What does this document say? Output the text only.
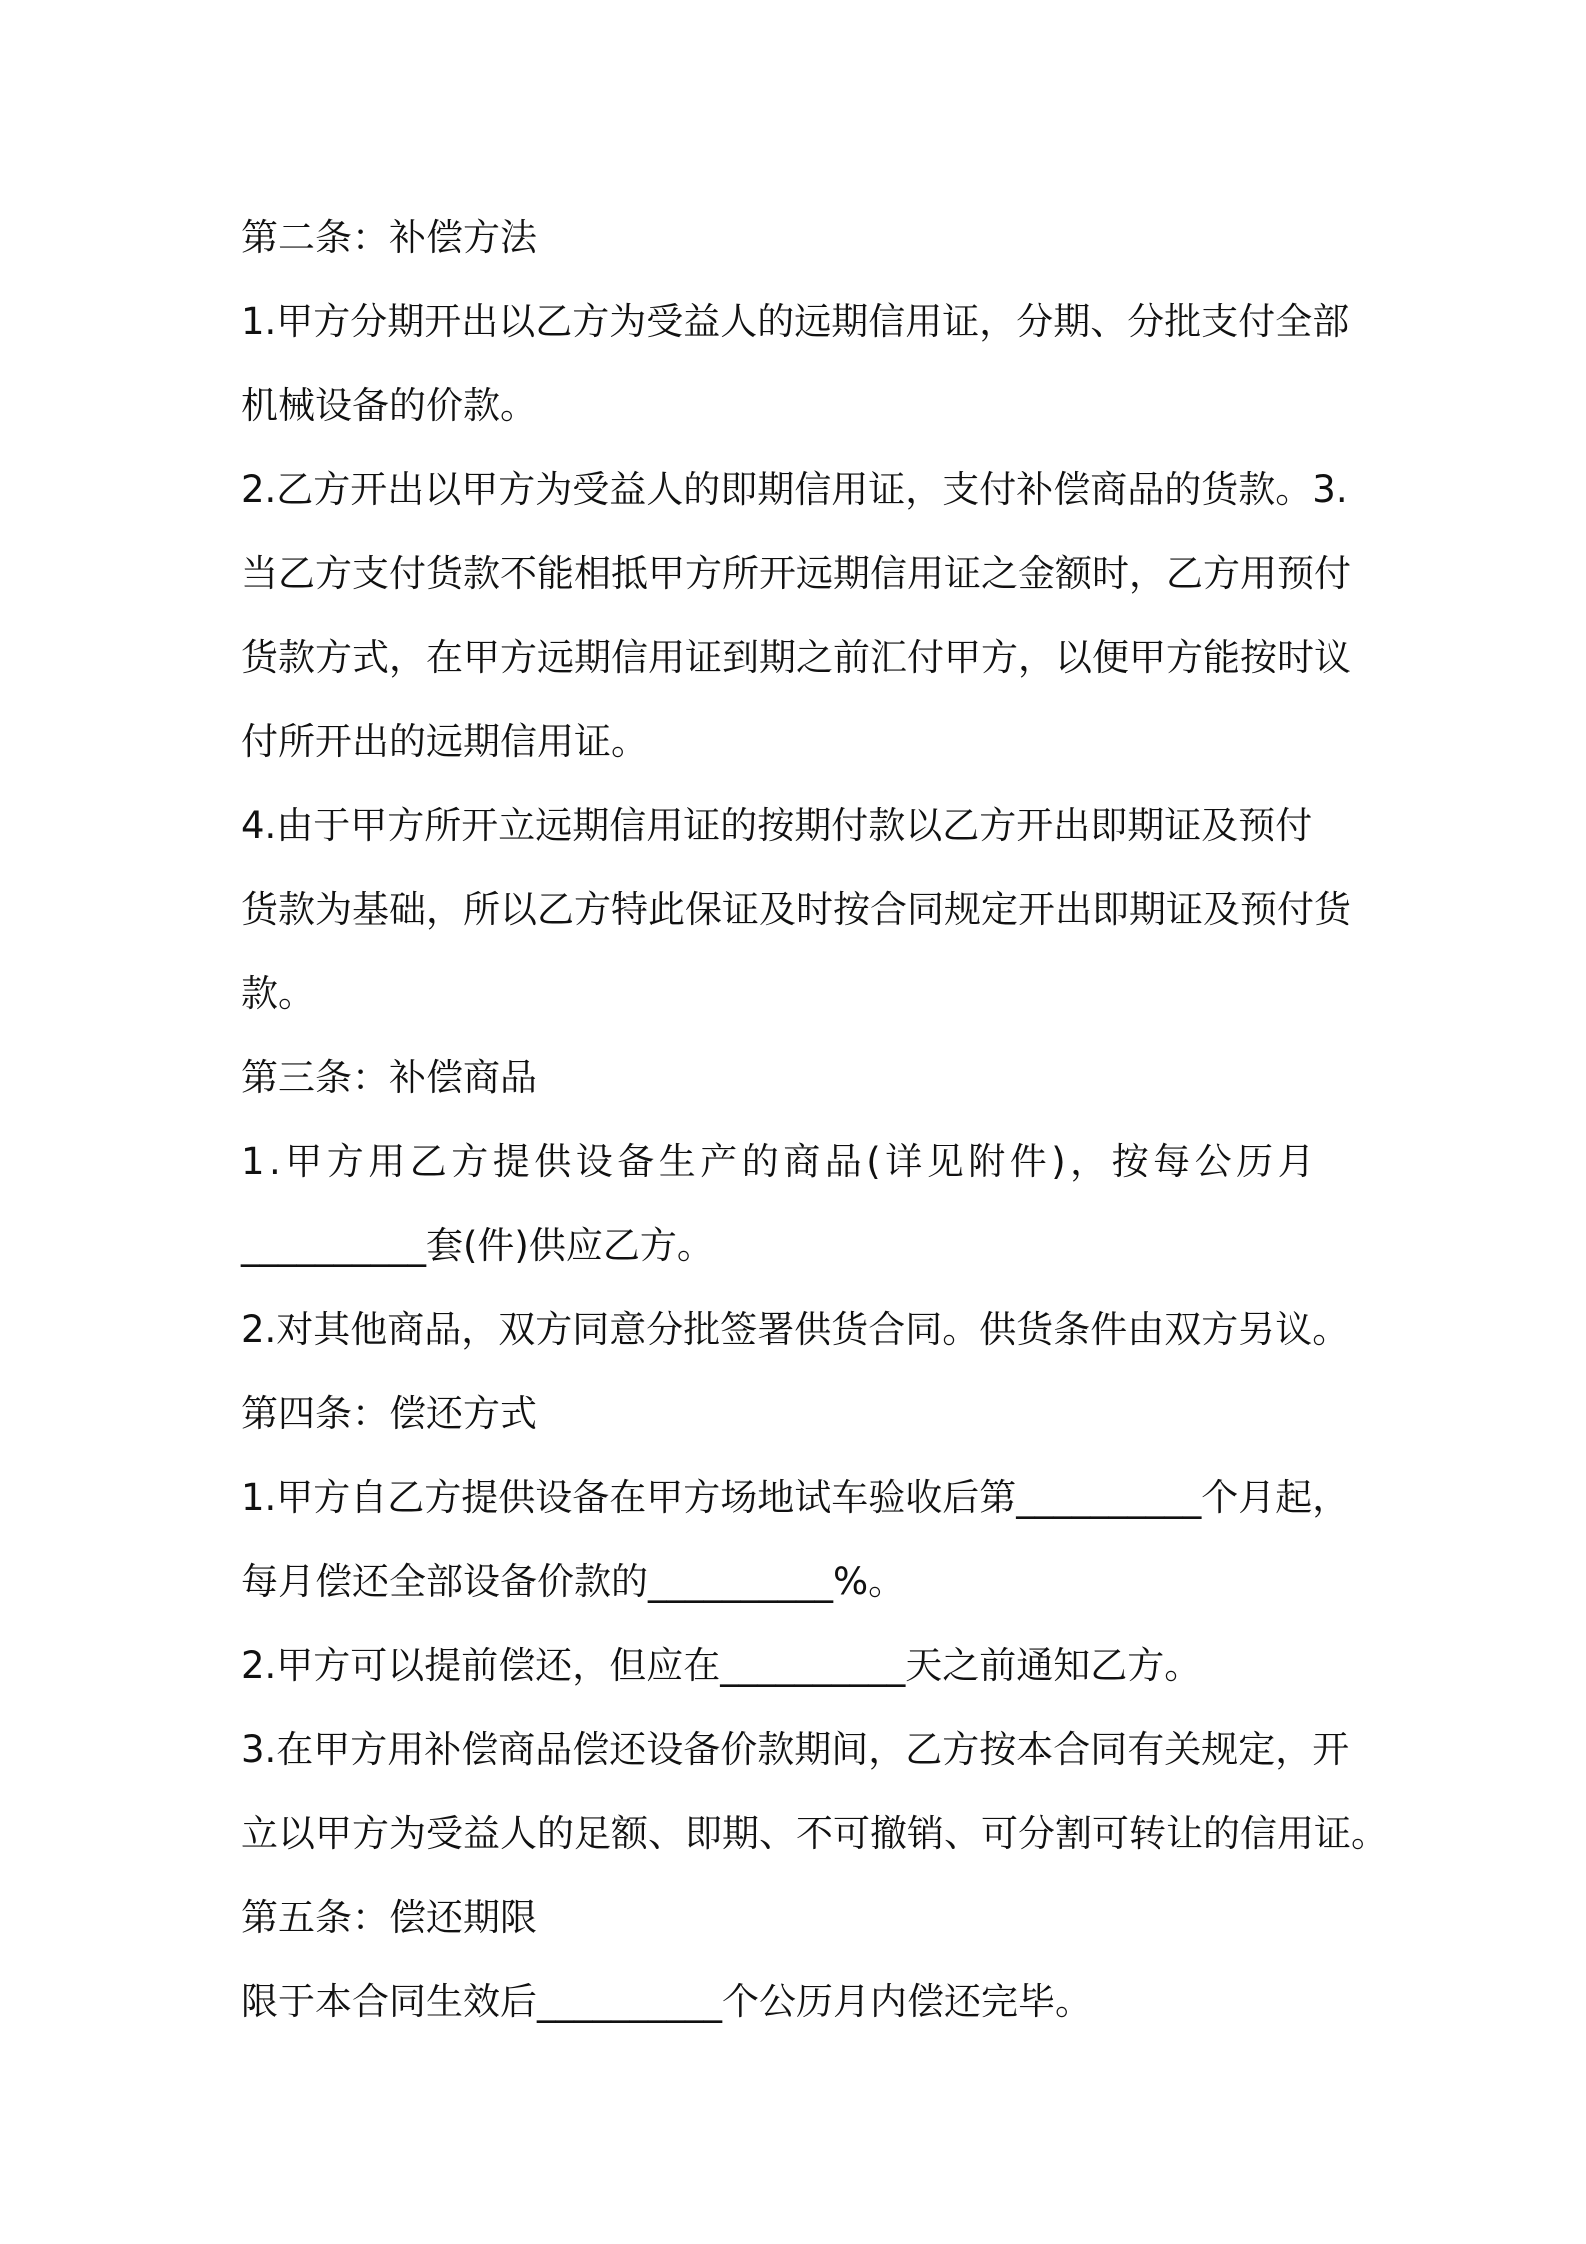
第二条：补偿方法
1.甲方分期开出以乙方为受益人的远期信用证，分期、分批支付全部
机械设备的价款。
2.乙方开出以甲方为受益人的即期信用证，支付补偿商品的货款。3.
当乙方支付货款不能相抵甲方所开远期信用证之金额时，乙方用预付
货款方式，在甲方远期信用证到期之前汇付甲方，以便甲方能按时议
付所开出的远期信用证。
4.由于甲方所开立远期信用证的按期付款以乙方开出即期证及预付
货款为基础，所以乙方特此保证及时按合同规定开出即期证及预付货
款。
第三条：补偿商品
1.甲方用乙方提供设备生产的商品(详见附件)，按每公历月
__________套(件)供应乙方。
2.对其他商品，双方同意分批签署供货合同。供货条件由双方另议。
第四条：偿还方式
1.甲方自乙方提供设备在甲方场地试车验收后第__________个月起，
每月偿还全部设备价款的__________%。
2.甲方可以提前偿还，但应在__________天之前通知乙方。
3.在甲方用补偿商品偿还设备价款期间，乙方按本合同有关规定，开
立以甲方为受益人的足额、即期、不可撤销、可分割可转让的信用证。
第五条：偿还期限
限于本合同生效后__________个公历月内偿还完毕。
